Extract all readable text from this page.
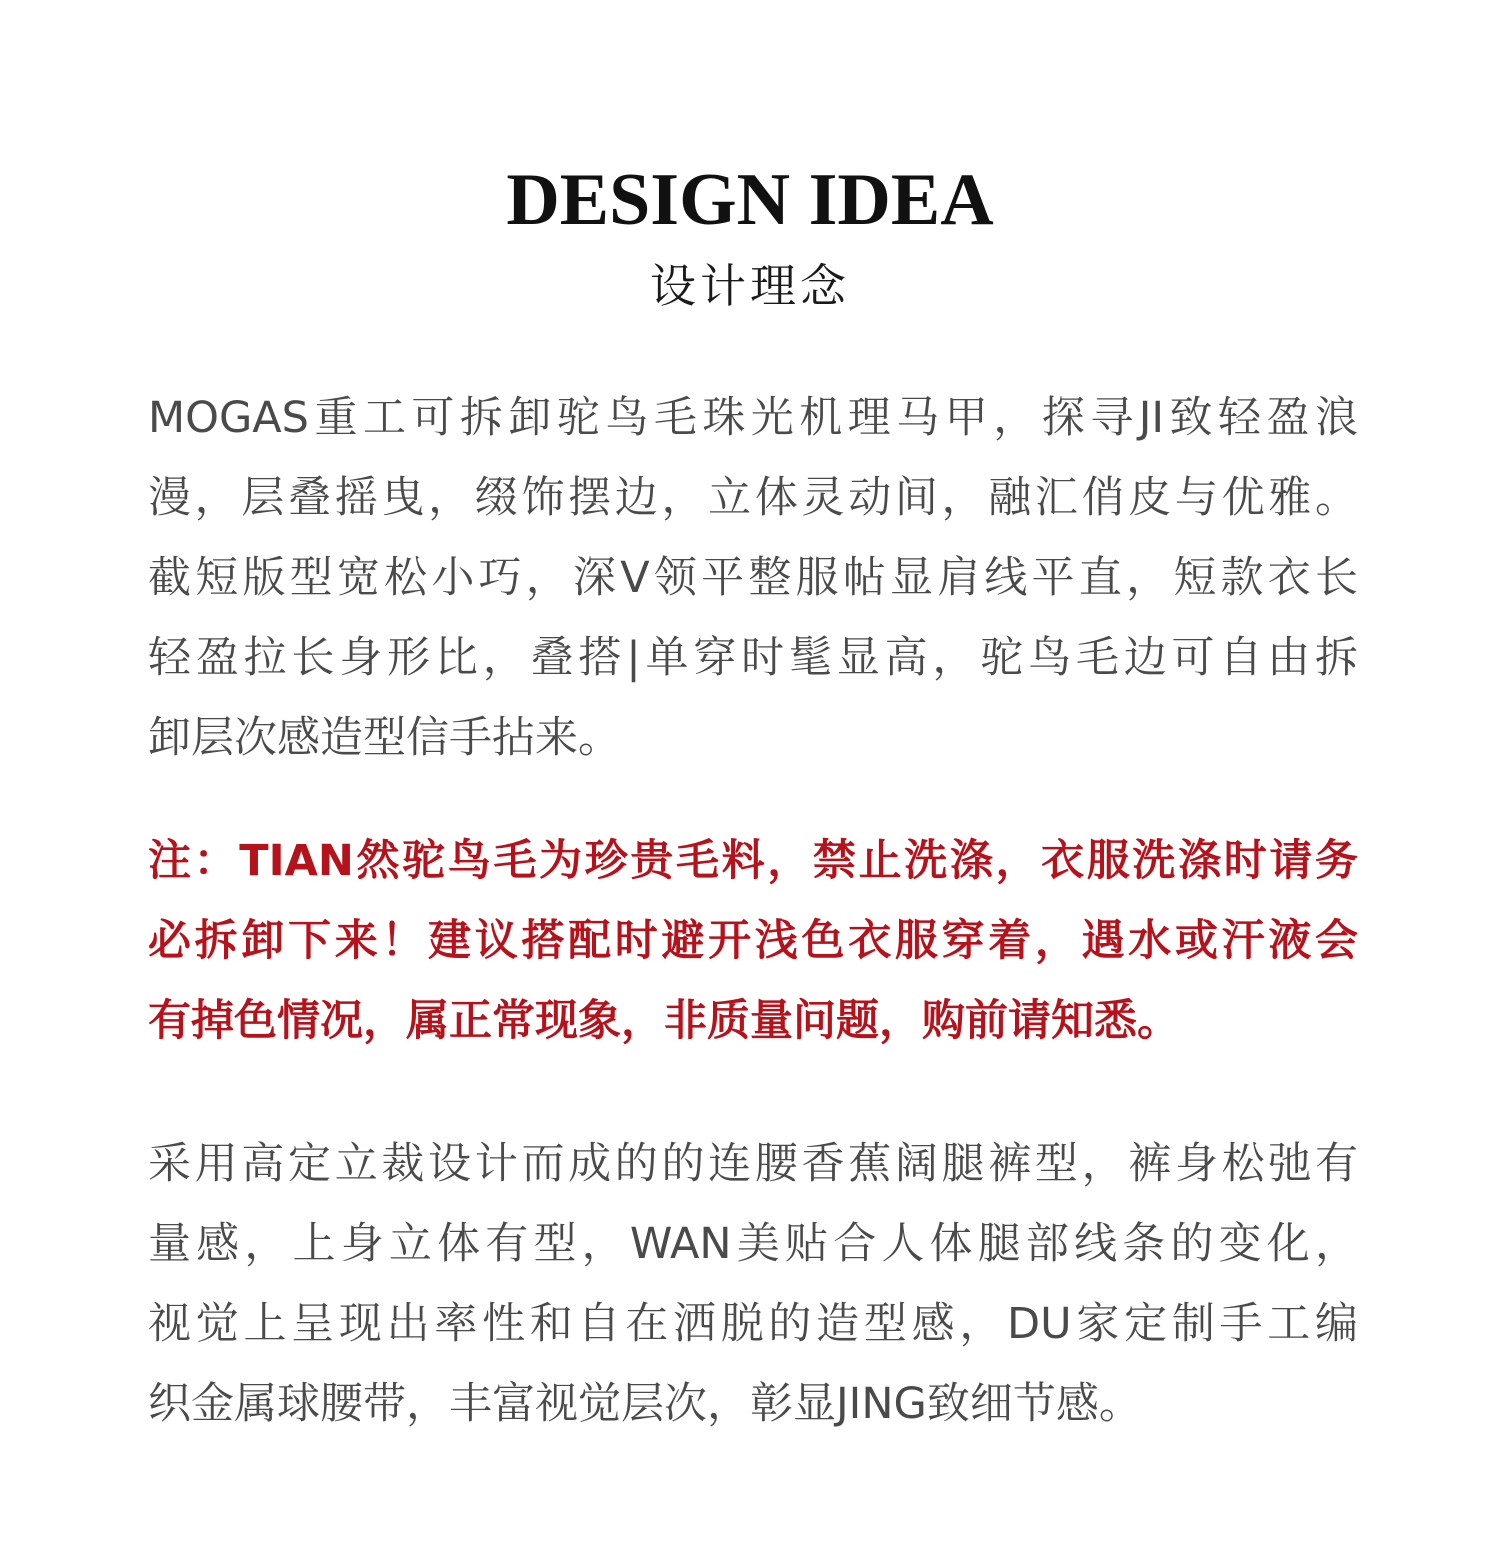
DESIGN IDEA
设计理念
MOGAS重工可拆卸驼鸟毛珠光机理马甲，探寻JI致轻盈浪
漫，层叠摇曳，缀饰摆边，立体灵动间，融汇俏皮与优雅。
截短版型宽松小巧，深V领平整服帖显肩线平直，短款衣长
轻盈拉长身形比，叠搭|单穿时髦显高，驼鸟毛边可自由拆
卸层次感造型信手拈来。
注：TIAN然驼鸟毛为珍贵毛料，禁止洗涤，衣服洗涤时请务
必拆卸下来！建议搭配时避开浅色衣服穿着，遇水或汗液会
有掉色情况，属正常现象，非质量问题，购前请知悉。
采用高定立裁设计而成的的连腰香蕉阔腿裤型，裤身松弛有
量感，上身立体有型，WAN美贴合人体腿部线条的变化，
视觉上呈现出率性和自在洒脱的造型感，DU家定制手工编
织金属球腰带，丰富视觉层次，彰显JING致细节感。
